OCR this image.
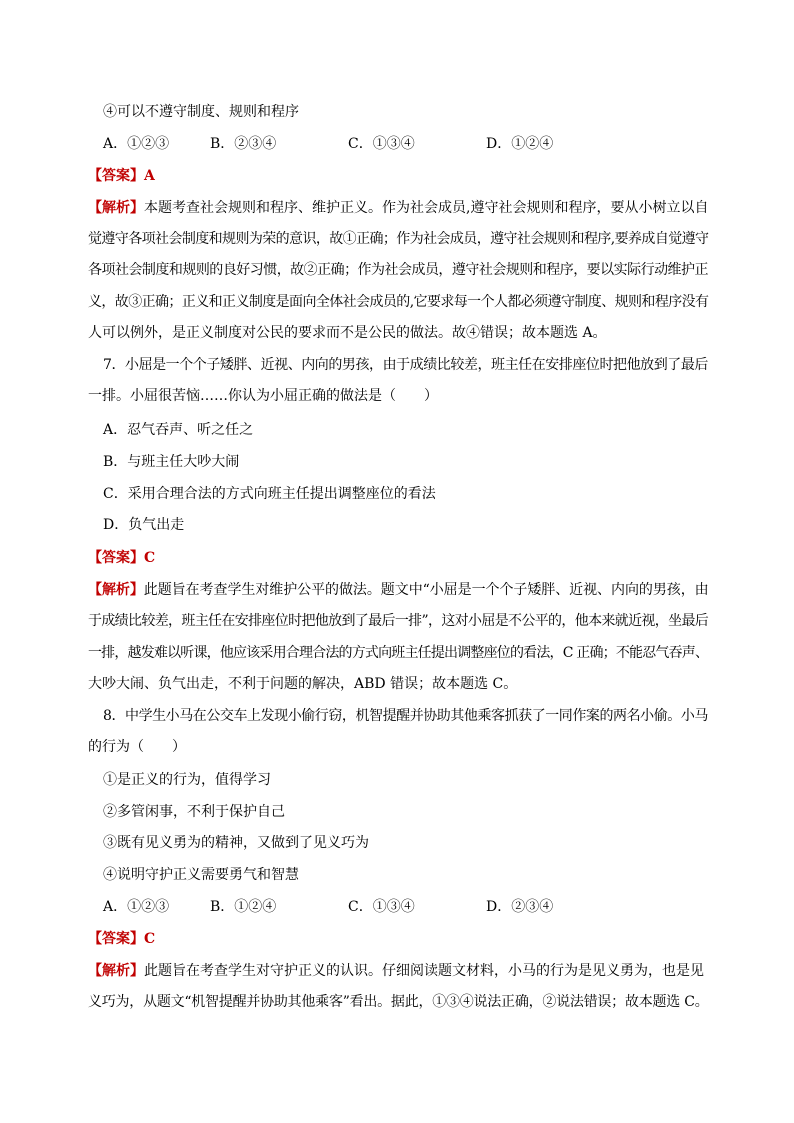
④可以不遵守制度、规则和程序
A．①②③	B．②③④	C．①③④	D．①②④
【答案】A
【解析】本题考查社会规则和程序、维护正义。作为社会成员,遵守社会规则和程序，要从小树立以自
觉遵守各项社会制度和规则为荣的意识，故①正确；作为社会成员，遵守社会规则和程序,要养成自觉遵守
各项社会制度和规则的良好习惯，故②正确；作为社会成员，遵守社会规则和程序，要以实际行动维护正
义，故③正确；正义和正义制度是面向全体社会成员的,它要求每一个人都必须遵守制度、规则和程序没有
人可以例外，是正义制度对公民的要求而不是公民的做法。故④错误；故本题选 A。
7．小屈是一个个子矮胖、近视、内向的男孩，由于成绩比较差，班主任在安排座位时把他放到了最后
一排。小屈很苦恼……你认为小屈正确的做法是（　　）
A．忍气吞声、听之任之
B．与班主任大吵大闹
C．采用合理合法的方式向班主任提出调整座位的看法
D．负气出走
【答案】C
【解析】此题旨在考查学生对维护公平的做法。题文中“小屈是一个个子矮胖、近视、内向的男孩，由
于成绩比较差，班主任在安排座位时把他放到了最后一排”，这对小屈是不公平的，他本来就近视，坐最后
一排，越发难以听课，他应该采用合理合法的方式向班主任提出调整座位的看法，C 正确；不能忍气吞声、
大吵大闹、负气出走，不利于问题的解决，ABD 错误；故本题选 C。
8．中学生小马在公交车上发现小偷行窃，机智提醒并协助其他乘客抓获了一同作案的两名小偷。小马
的行为（　　）
①是正义的行为，值得学习
②多管闲事，不利于保护自己
③既有见义勇为的精神，又做到了见义巧为
④说明守护正义需要勇气和智慧
A．①②③	B．①②④	C．①③④	D．②③④
【答案】C
【解析】此题旨在考查学生对守护正义的认识。仔细阅读题文材料，小马的行为是见义勇为，也是见
义巧为，从题文“机智提醒并协助其他乘客”看出。据此，①③④说法正确，②说法错误；故本题选 C。
